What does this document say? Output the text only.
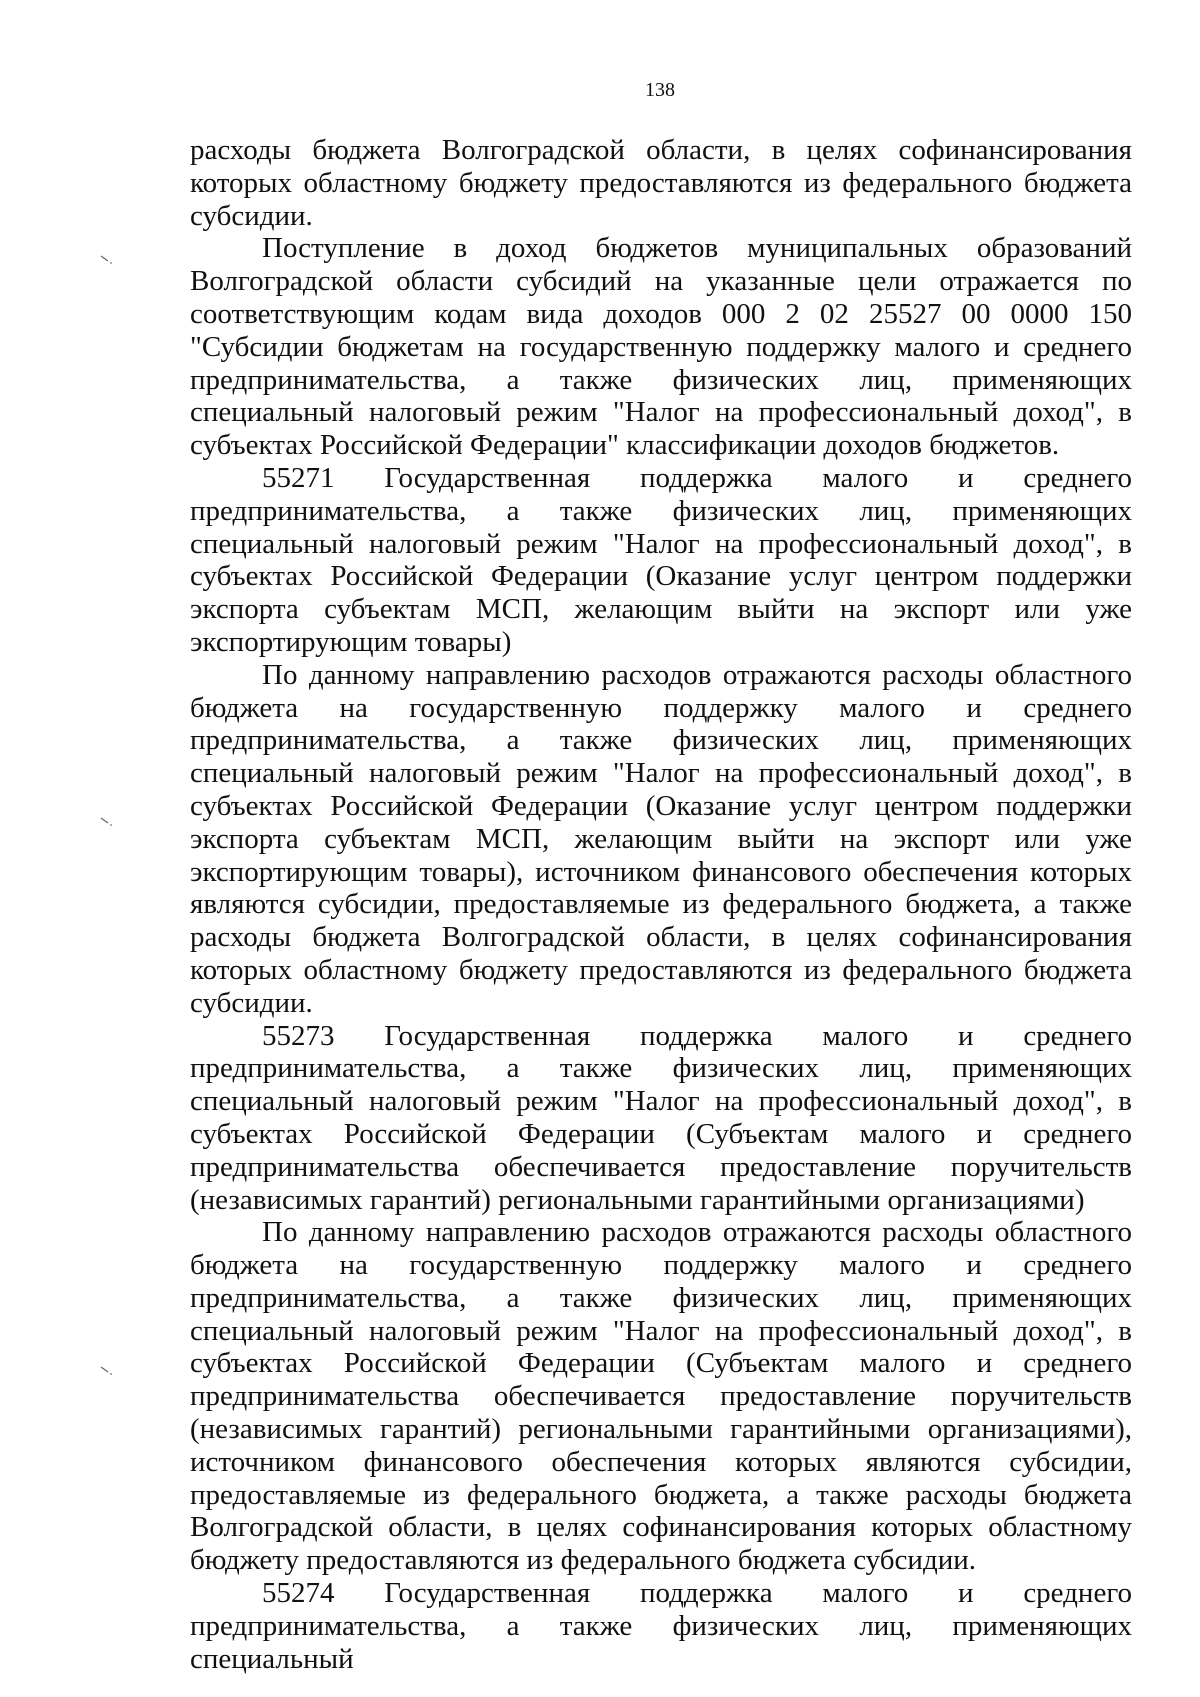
138

расходы бюджета Волгоградской области, в целях софинансирования которых областному бюджету предоставляются из федерального бюджета субсидии.

Поступление в доход бюджетов муниципальных образований Волгоградской области субсидий на указанные цели отражается по соответствующим кодам вида доходов 000 2 02 25527 00 0000 150 "Субсидии бюджетам на государственную поддержку малого и среднего предпринимательства, а также физических лиц, применяющих специальный налоговый режим "Налог на профессиональный доход", в субъектах Российской Федерации" классификации доходов бюджетов.

55271 Государственная поддержка малого и среднего предпринимательства, а также физических лиц, применяющих специальный налоговый режим "Налог на профессиональный доход", в субъектах Российской Федерации (Оказание услуг центром поддержки экспорта субъектам МСП, желающим выйти на экспорт или уже экспортирующим товары)

По данному направлению расходов отражаются расходы областного бюджета на государственную поддержку малого и среднего предпринимательства, а также физических лиц, применяющих специальный налоговый режим "Налог на профессиональный доход", в субъектах Российской Федерации (Оказание услуг центром поддержки экспорта субъектам МСП, желающим выйти на экспорт или уже экспортирующим товары), источником финансового обеспечения которых являются субсидии, предоставляемые из федерального бюджета, а также расходы бюджета Волгоградской области, в целях софинансирования которых областному бюджету предоставляются из федерального бюджета субсидии.

55273 Государственная поддержка малого и среднего предпринимательства, а также физических лиц, применяющих специальный налоговый режим "Налог на профессиональный доход", в субъектах Российской Федерации (Субъектам малого и среднего предпринимательства обеспечивается предоставление поручительств (независимых гарантий) региональными гарантийными организациями)

По данному направлению расходов отражаются расходы областного бюджета на государственную поддержку малого и среднего предпринимательства, а также физических лиц, применяющих специальный налоговый режим "Налог на профессиональный доход", в субъектах Российской Федерации (Субъектам малого и среднего предпринимательства обеспечивается предоставление поручительств (независимых гарантий) региональными гарантийными организациями), источником финансового обеспечения которых являются субсидии, предоставляемые из федерального бюджета, а также расходы бюджета Волгоградской области, в целях софинансирования которых областному бюджету предоставляются из федерального бюджета субсидии.

55274 Государственная поддержка малого и среднего предпринимательства, а также физических лиц, применяющих специальный
